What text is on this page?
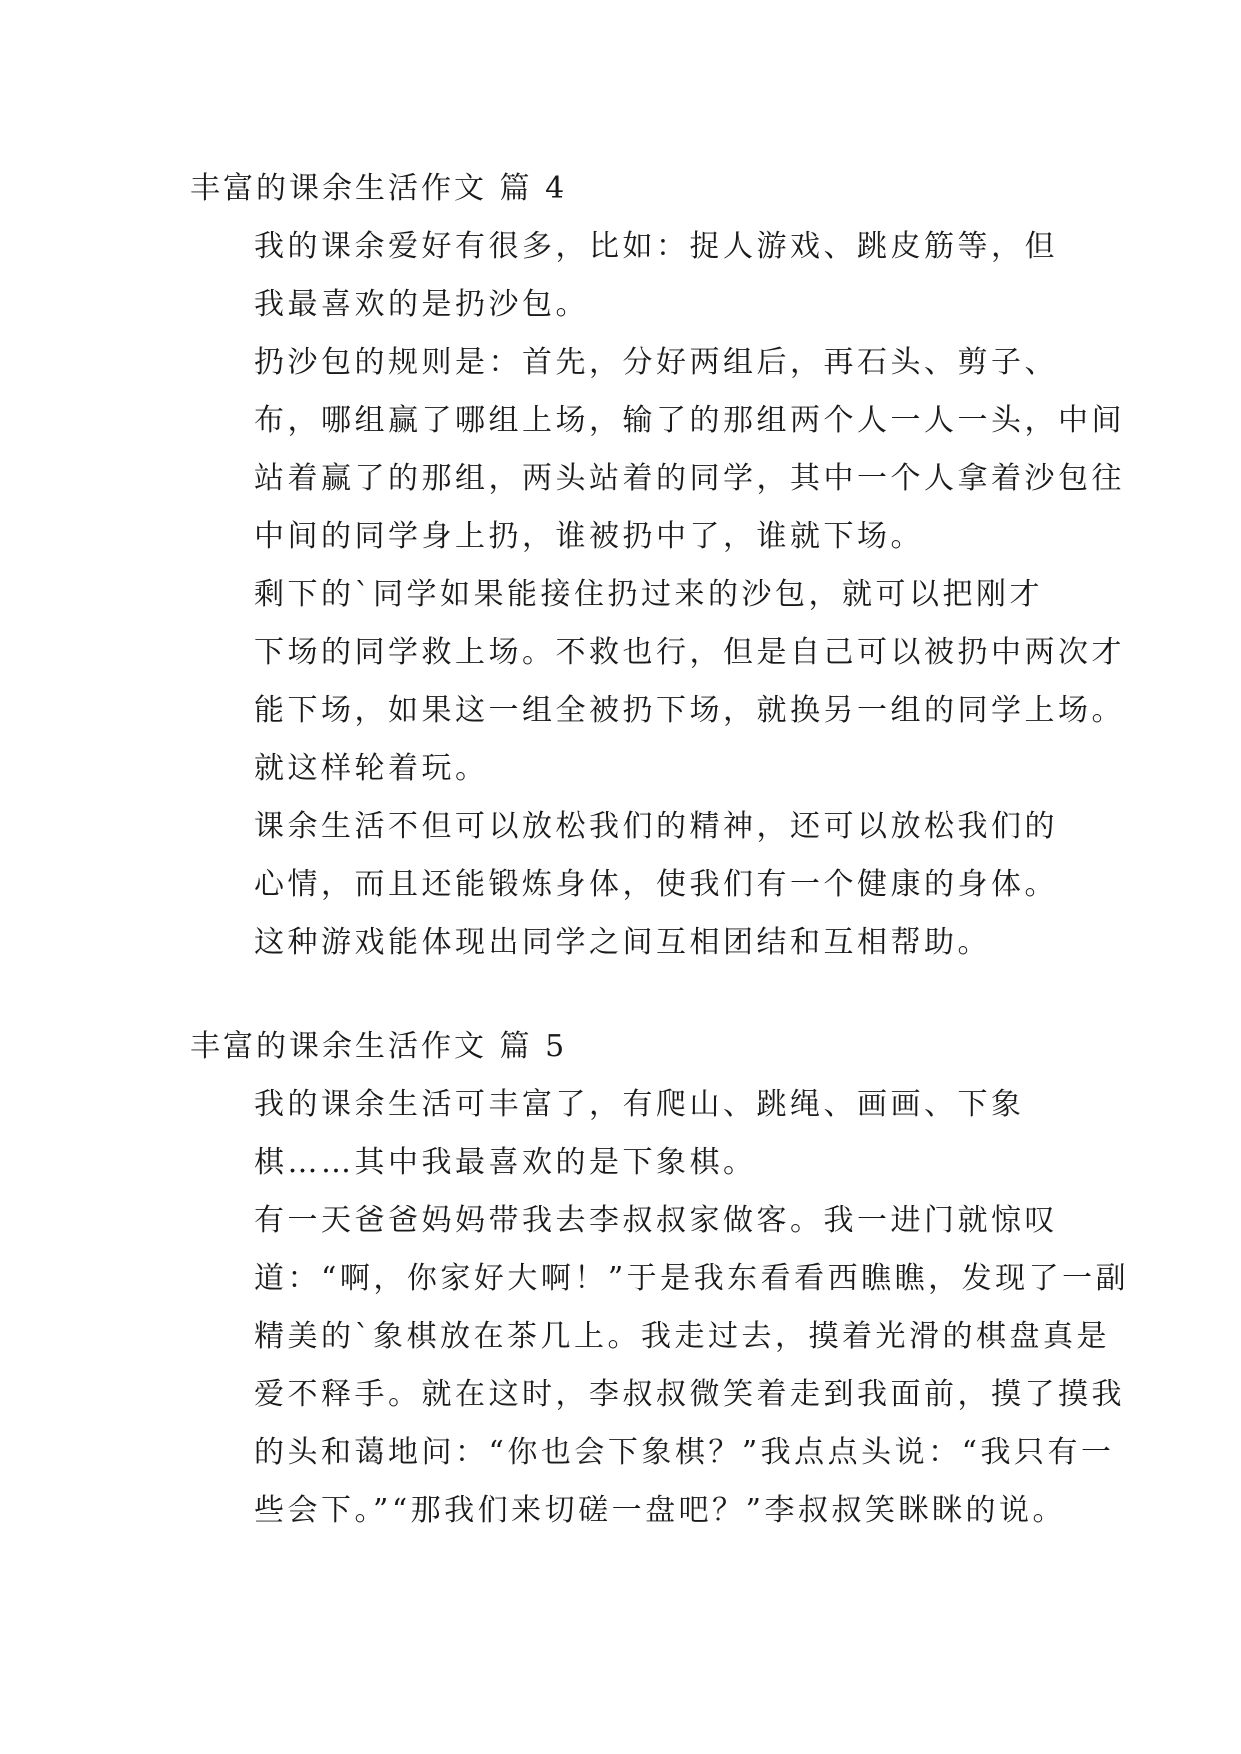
丰富的课余生活作文 篇 4

我的课余爱好有很多，比如：捉人游戏、跳皮筋等，但
我最喜欢的是扔沙包。

扔沙包的规则是：首先，分好两组后，再石头、剪子、
布，哪组赢了哪组上场，输了的那组两个人一人一头，中间
站着赢了的那组，两头站着的同学，其中一个人拿着沙包往
中间的同学身上扔，谁被扔中了，谁就下场。

剩下的`同学如果能接住扔过来的沙包，就可以把刚才
下场的同学救上场。不救也行，但是自己可以被扔中两次才
能下场，如果这一组全被扔下场，就换另一组的同学上场。
就这样轮着玩。

课余生活不但可以放松我们的精神，还可以放松我们的
心情，而且还能锻炼身体，使我们有一个健康的身体。

这种游戏能体现出同学之间互相团结和互相帮助。

丰富的课余生活作文 篇 5

我的课余生活可丰富了，有爬山、跳绳、画画、下象
棋……其中我最喜欢的是下象棋。

有一天爸爸妈妈带我去李叔叔家做客。我一进门就惊叹
道：“啊，你家好大啊！”于是我东看看西瞧瞧，发现了一副
精美的`象棋放在茶几上。我走过去，摸着光滑的棋盘真是
爱不释手。就在这时，李叔叔微笑着走到我面前，摸了摸我
的头和蔼地问：“你也会下象棋？”我点点头说：“我只有一
些会下。”“那我们来切磋一盘吧？”李叔叔笑眯眯的说。
